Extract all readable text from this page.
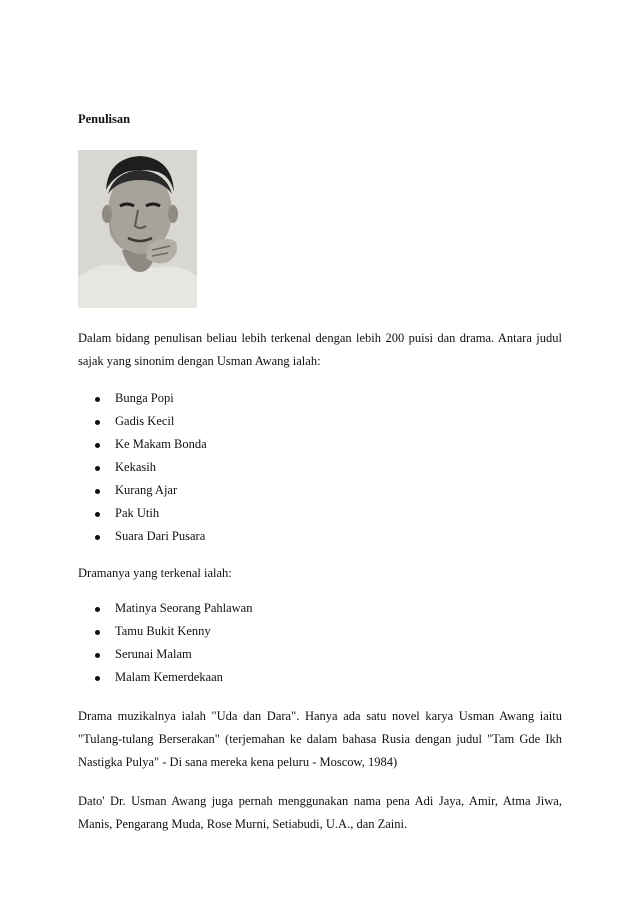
Penulisan

Dalam bidang penulisan beliau lebih terkenal dengan lebih 200 puisi dan drama. Antara judul sajak yang sinonim dengan Usman Awang ialah:

Bunga Popi
Gadis Kecil
Ke Makam Bonda
Kekasih
Kurang Ajar
Pak Utih
Suara Dari Pusara

Dramanya yang terkenal ialah:

Matinya Seorang Pahlawan
Tamu Bukit Kenny
Serunai Malam
Malam Kemerdekaan

Drama muzikalnya ialah "Uda dan Dara". Hanya ada satu novel karya Usman Awang iaitu "Tulang-tulang Berserakan" (terjemahan ke dalam bahasa Rusia dengan judul "Tam Gde Ikh Nastigka Pulya" - Di sana mereka kena peluru - Moscow, 1984)

Dato' Dr. Usman Awang juga pernah menggunakan nama pena Adi Jaya, Amir, Atma Jiwa, Manis, Pengarang Muda, Rose Murni, Setiabudi, U.A., dan Zaini.
